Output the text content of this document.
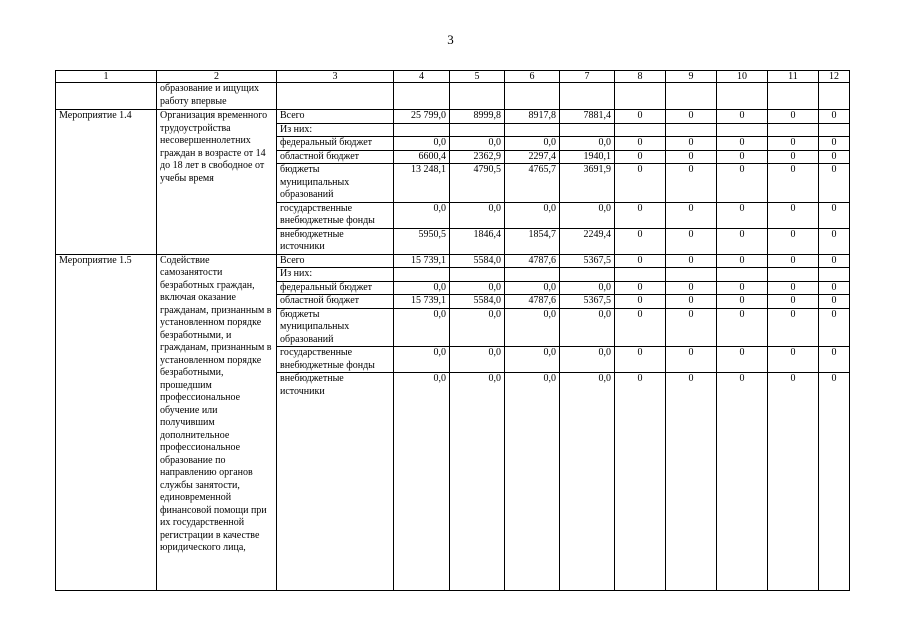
3
1	2	3	4	5	6	7	8	9	10	11	12
	образование и ищущих работу впервые										
Мероприятие 1.4	Организация временного трудоустройства несовершеннолетних граждан в возрасте от 14 до 18 лет в свободное от учебы время	Всего	25 799,0	8999,8	8917,8	7881,4	0	0	0	0	0
		Из них:									
		федеральный бюджет	0,0	0,0	0,0	0,0	0	0	0	0	0
		областной бюджет	6600,4	2362,9	2297,4	1940,1	0	0	0	0	0
		бюджеты муниципальных образований	13 248,1	4790,5	4765,7	3691,9	0	0	0	0	0
		государственные внебюджетные фонды	0,0	0,0	0,0	0,0	0	0	0	0	0
		внебюджетные источники	5950,5	1846,4	1854,7	2249,4	0	0	0	0	0
Мероприятие 1.5	Содействие самозанятости безработных граждан, включая оказание гражданам, признанным в установленном порядке безработными, и гражданам, признанным в установленном порядке безработными, прошедшим профессиональное обучение или получившим дополнительное профессиональное образование по направлению органов службы занятости, единовременной финансовой помощи при их государственной регистрации в качестве юридического лица,	Всего	15 739,1	5584,0	4787,6	5367,5	0	0	0	0	0
		Из них:									
		федеральный бюджет	0,0	0,0	0,0	0,0	0	0	0	0	0
		областной бюджет	15 739,1	5584,0	4787,6	5367,5	0	0	0	0	0
		бюджеты муниципальных образований	0,0	0,0	0,0	0,0	0	0	0	0	0
		государственные внебюджетные фонды	0,0	0,0	0,0	0,0	0	0	0	0	0
		внебюджетные источники	0,0	0,0	0,0	0,0	0	0	0	0	0
